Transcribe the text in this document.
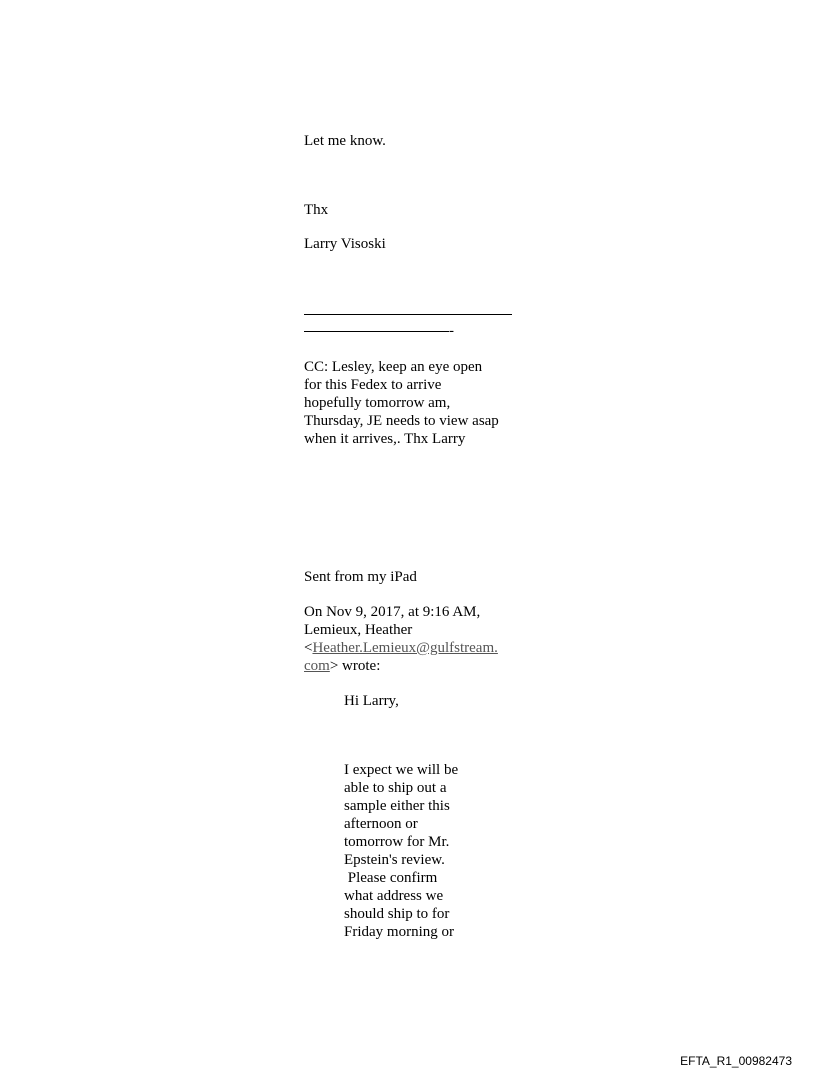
Let me know.

Thx

Larry Visoski

-

CC: Lesley, keep an eye open

for this Fedex to arrive

hopefully tomorrow am,

Thursday, JE needs to view asap

when it arrives,. Thx Larry

Sent from my iPad

On Nov 9, 2017, at 9:16 AM,

Lemieux, Heather

<Heather.Lemieux@gulfstream.

com> wrote:

Hi Larry,

I expect we will be

able to ship out a

sample either this

afternoon or

tomorrow for Mr.

Epstein's review.

Please confirm

what address we

should ship to for

Friday morning or

EFTA_R1_00982473
